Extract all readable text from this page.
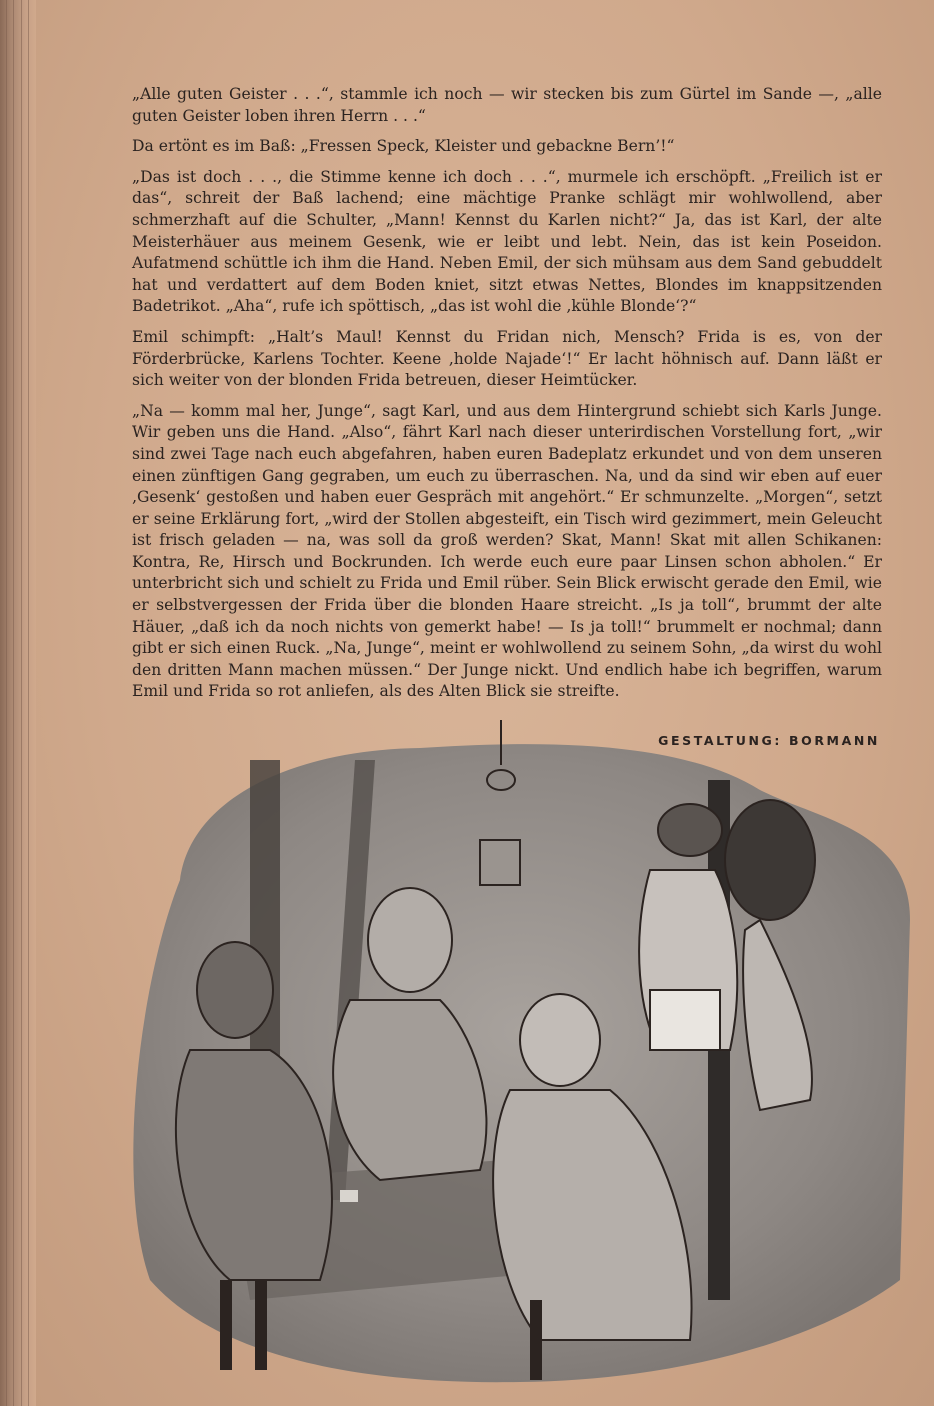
„Alle guten Geister . . .“, stammle ich noch — wir stecken bis zum Gürtel im Sande —, „alle guten Geister loben ihren Herrn . . .“

Da ertönt es im Baß: „Fressen Speck, Kleister und gebackne Bern’!“

„Das ist doch . . ., die Stimme kenne ich doch . . .“, murmele ich erschöpft. „Freilich ist er das“, schreit der Baß lachend; eine mächtige Pranke schlägt mir wohlwollend, aber schmerzhaft auf die Schulter, „Mann! Kennst du Karlen nicht?“ Ja, das ist Karl, der alte Meisterhäuer aus meinem Gesenk, wie er leibt und lebt. Nein, das ist kein Poseidon. Aufatmend schüttle ich ihm die Hand. Neben Emil, der sich mühsam aus dem Sand gebuddelt hat und verdattert auf dem Boden kniet, sitzt etwas Nettes, Blondes im knappsitzenden Badetrikot. „Aha“, rufe ich spöttisch, „das ist wohl die ‚kühle Blonde‘?“

Emil schimpft: „Halt’s Maul! Kennst du Fridan nich, Mensch? Frida is es, von der Förderbrücke, Karlens Tochter. Keene ‚holde Najade‘!“ Er lacht höhnisch auf. Dann läßt er sich weiter von der blonden Frida betreuen, dieser Heimtücker.

„Na — komm mal her, Junge“, sagt Karl, und aus dem Hintergrund schiebt sich Karls Junge. Wir geben uns die Hand. „Also“, fährt Karl nach dieser unterirdischen Vorstellung fort, „wir sind zwei Tage nach euch abgefahren, haben euren Badeplatz erkundet und von dem unseren einen zünftigen Gang gegraben, um euch zu überraschen. Na, und da sind wir eben auf euer ‚Gesenk‘ gestoßen und haben euer Gespräch mit angehört.“ Er schmunzelte. „Morgen“, setzt er seine Erklärung fort, „wird der Stollen abgesteift, ein Tisch wird gezimmert, mein Geleucht ist frisch geladen — na, was soll da groß werden? Skat, Mann! Skat mit allen Schikanen: Kontra, Re, Hirsch und Bockrunden. Ich werde euch eure paar Linsen schon abholen.“ Er unterbricht sich und schielt zu Frida und Emil rüber. Sein Blick erwischt gerade den Emil, wie er selbstvergessen der Frida über die blonden Haare streicht. „Is ja toll“, brummt der alte Häuer, „daß ich da noch nichts von gemerkt habe! — Is ja toll!“ brummelt er nochmal; dann gibt er sich einen Ruck. „Na, Junge“, meint er wohlwollend zu seinem Sohn, „da wirst du wohl den dritten Mann machen müssen.“ Der Junge nickt. Und endlich habe ich begriffen, warum Emil und Frida so rot anliefen, als des Alten Blick sie streifte.

GESTALTUNG: BORMANN
